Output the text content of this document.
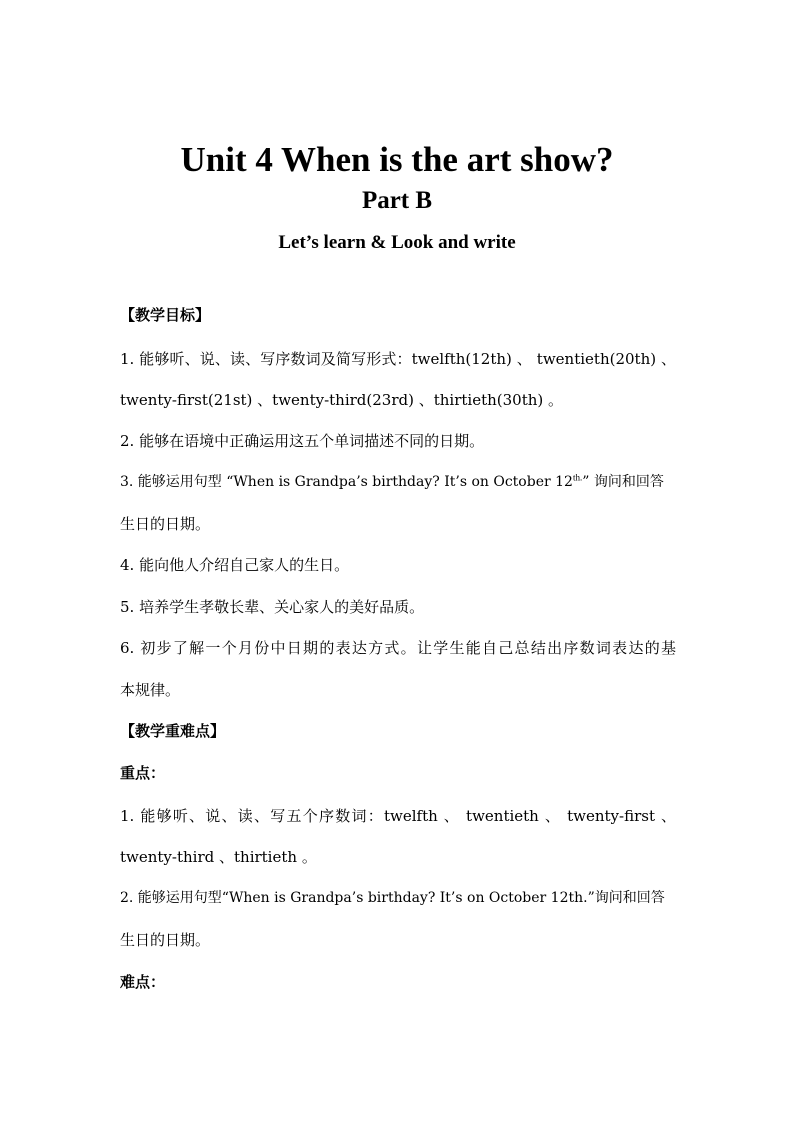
Unit 4 When is the art show?
Part B
Let’s learn & Look and write
【教学目标】
1. 能够听、说、读、写序数词及简写形式：twelfth(12th) 、 twentieth(20th) 、
twenty-first(21st) 、twenty-third(23rd) 、thirtieth(30th) 。
2. 能够在语境中正确运用这五个单词描述不同的日期。
3. 能够运用句型 “When is Grandpa’s birthday? It’s on October $12^{th.}$” 询问和回答
生日的日期。
4. 能向他人介绍自己家人的生日。
5. 培养学生孝敬长辈、关心家人的美好品质。
6. 初步了解一个月份中日期的表达方式。让学生能自己总结出序数词表达的基
本规律。
【教学重难点】
重点：
1. 能够听、说、读、写五个序数词：twelfth 、 twentieth 、 twenty-first 、
twenty-third 、thirtieth 。
2. 能够运用句型“When is Grandpa’s birthday? It’s on October 12th.”询问和回答
生日的日期。
难点：
